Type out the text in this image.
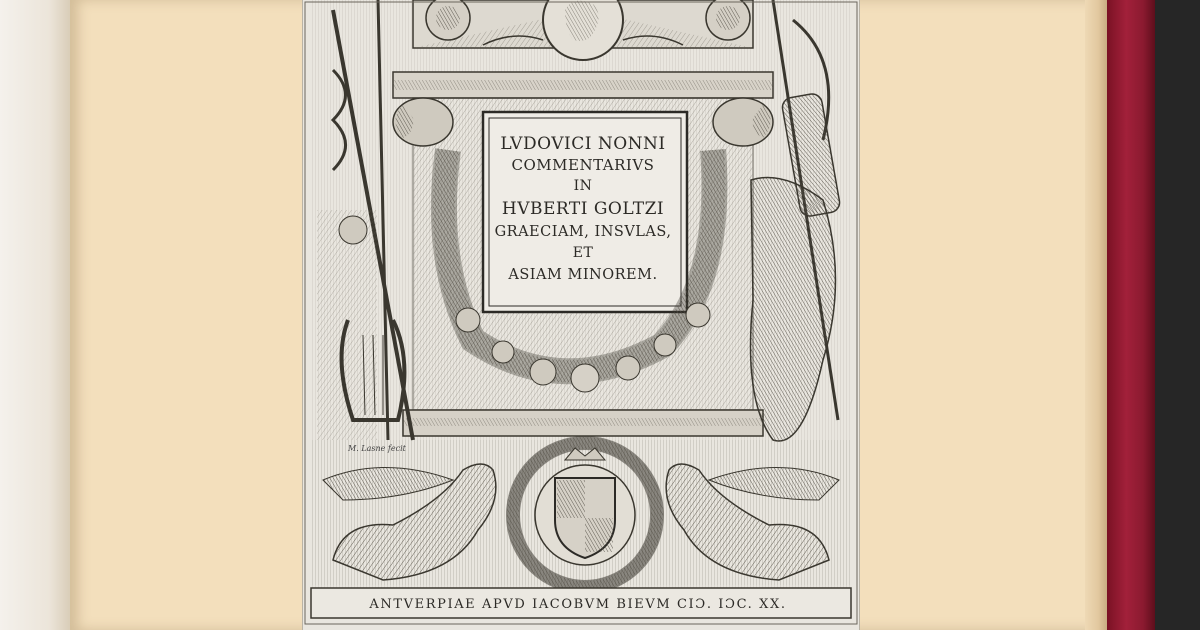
LVDOVICI NONNI
COMMENTARIVS
IN
HVBERTI GOLTZI
GRAECIAM, INSVLAS,
ET
ASIAM MINOREM.
M. Lasne fecit
ANTVERPIAE APVD IACOBVM BIEVM CIƆ. IƆC. XX.
